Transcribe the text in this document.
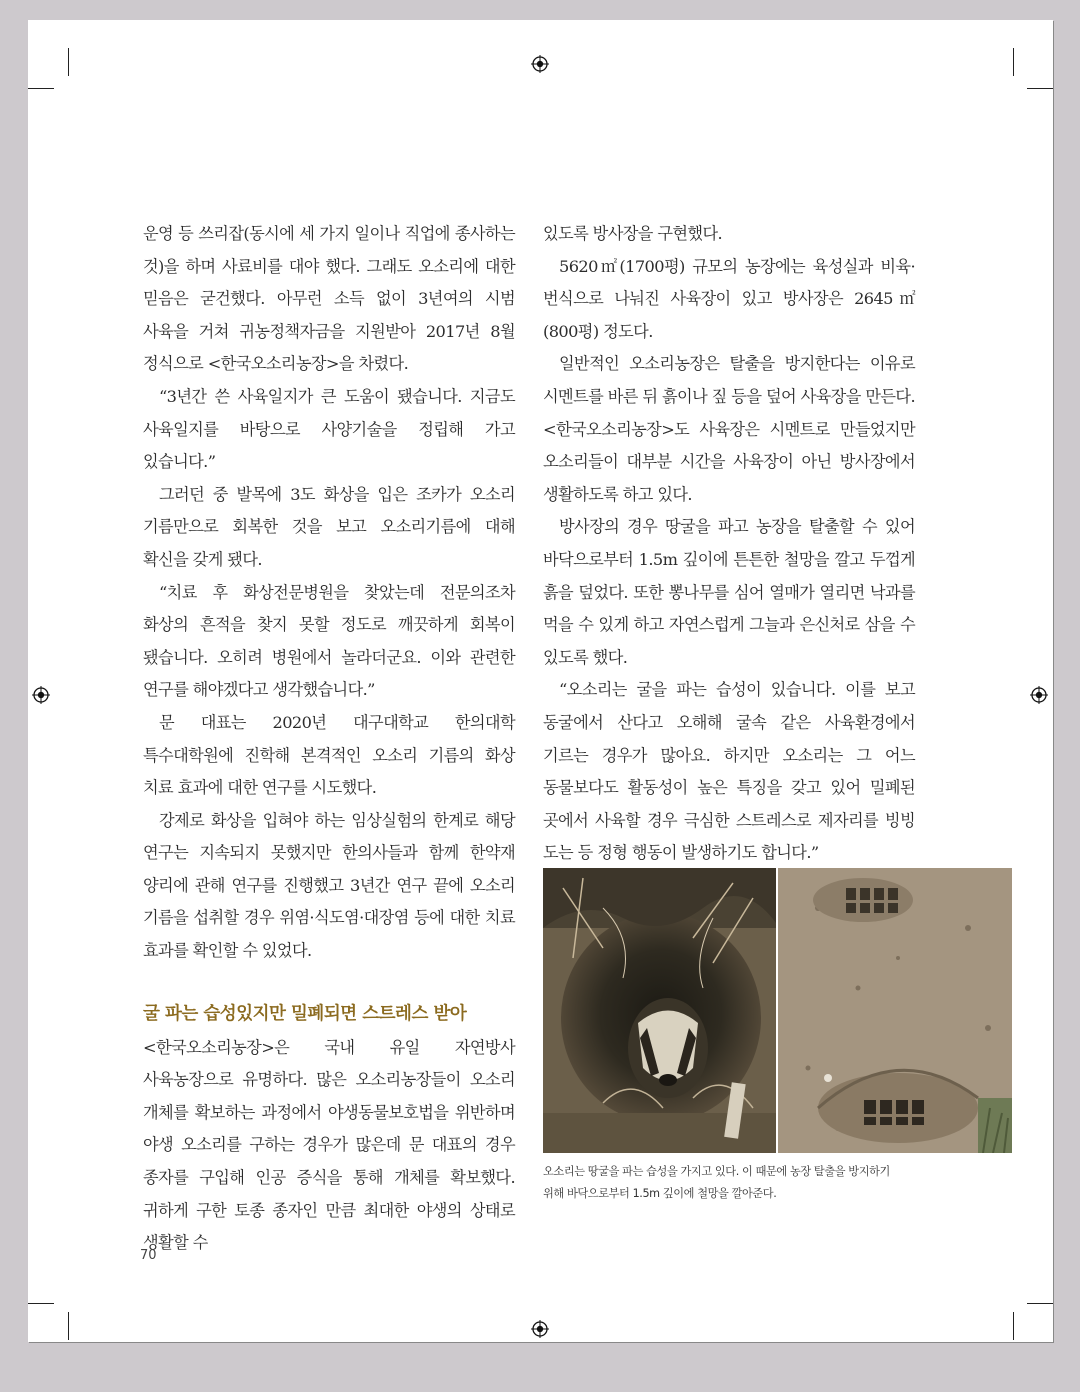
운영 등 쓰리잡(동시에 세 가지 일이나 직업에 종사하는 것)을 하며 사료비를 대야 했다. 그래도 오소리에 대한 믿음은 굳건했다. 아무런 소득 없이 3년여의 시범 사육을 거쳐 귀농정책자금을 지원받아 2017년 8월 정식으로 <한국오소리농장>을 차렸다.

“3년간 쓴 사육일지가 큰 도움이 됐습니다. 지금도 사육일지를 바탕으로 사양기술을 정립해 가고 있습니다.”

그러던 중 발목에 3도 화상을 입은 조카가 오소리 기름만으로 회복한 것을 보고 오소리기름에 대해 확신을 갖게 됐다.

“치료 후 화상전문병원을 찾았는데 전문의조차 화상의 흔적을 찾지 못할 정도로 깨끗하게 회복이 됐습니다. 오히려 병원에서 놀라더군요. 이와 관련한 연구를 해야겠다고 생각했습니다.”

문 대표는 2020년 대구대학교 한의대학 특수대학원에 진학해 본격적인 오소리 기름의 화상 치료 효과에 대한 연구를 시도했다.

강제로 화상을 입혀야 하는 임상실험의 한계로 해당 연구는 지속되지 못했지만 한의사들과 함께 한약재 양리에 관해 연구를 진행했고 3년간 연구 끝에 오소리 기름을 섭취할 경우 위염·식도염·대장염 등에 대한 치료 효과를 확인할 수 있었다.

굴 파는 습성있지만 밀폐되면 스트레스 받아

<한국오소리농장>은 국내 유일 자연방사 사육농장으로 유명하다. 많은 오소리농장들이 오소리 개체를 확보하는 과정에서 야생동물보호법을 위반하며 야생 오소리를 구하는 경우가 많은데 문 대표의 경우 종자를 구입해 인공 증식을 통해 개체를 확보했다. 귀하게 구한 토종 종자인 만큼 최대한 야생의 상태로 생활할 수

있도록 방사장을 구현했다.

5620㎡(1700평) 규모의 농장에는 육성실과 비육·번식으로 나눠진 사육장이 있고 방사장은 2645㎡(800평) 정도다.

일반적인 오소리농장은 탈출을 방지한다는 이유로 시멘트를 바른 뒤 흙이나 짚 등을 덮어 사육장을 만든다. <한국오소리농장>도 사육장은 시멘트로 만들었지만 오소리들이 대부분 시간을 사육장이 아닌 방사장에서 생활하도록 하고 있다.

방사장의 경우 땅굴을 파고 농장을 탈출할 수 있어 바닥으로부터 1.5m 깊이에 튼튼한 철망을 깔고 두껍게 흙을 덮었다. 또한 뽕나무를 심어 열매가 열리면 낙과를 먹을 수 있게 하고 자연스럽게 그늘과 은신처로 삼을 수 있도록 했다.

“오소리는 굴을 파는 습성이 있습니다. 이를 보고 동굴에서 산다고 오해해 굴속 같은 사육환경에서 기르는 경우가 많아요. 하지만 오소리는 그 어느 동물보다도 활동성이 높은 특징을 갖고 있어 밀폐된 곳에서 사육할 경우 극심한 스트레스로 제자리를 빙빙 도는 등 정형 행동이 발생하기도 합니다.”

오소리는 땅굴을 파는 습성을 가지고 있다. 이 때문에 농장 탈출을 방지하기
위해 바닥으로부터 1.5m 깊이에 철망을 깔아준다.
70
